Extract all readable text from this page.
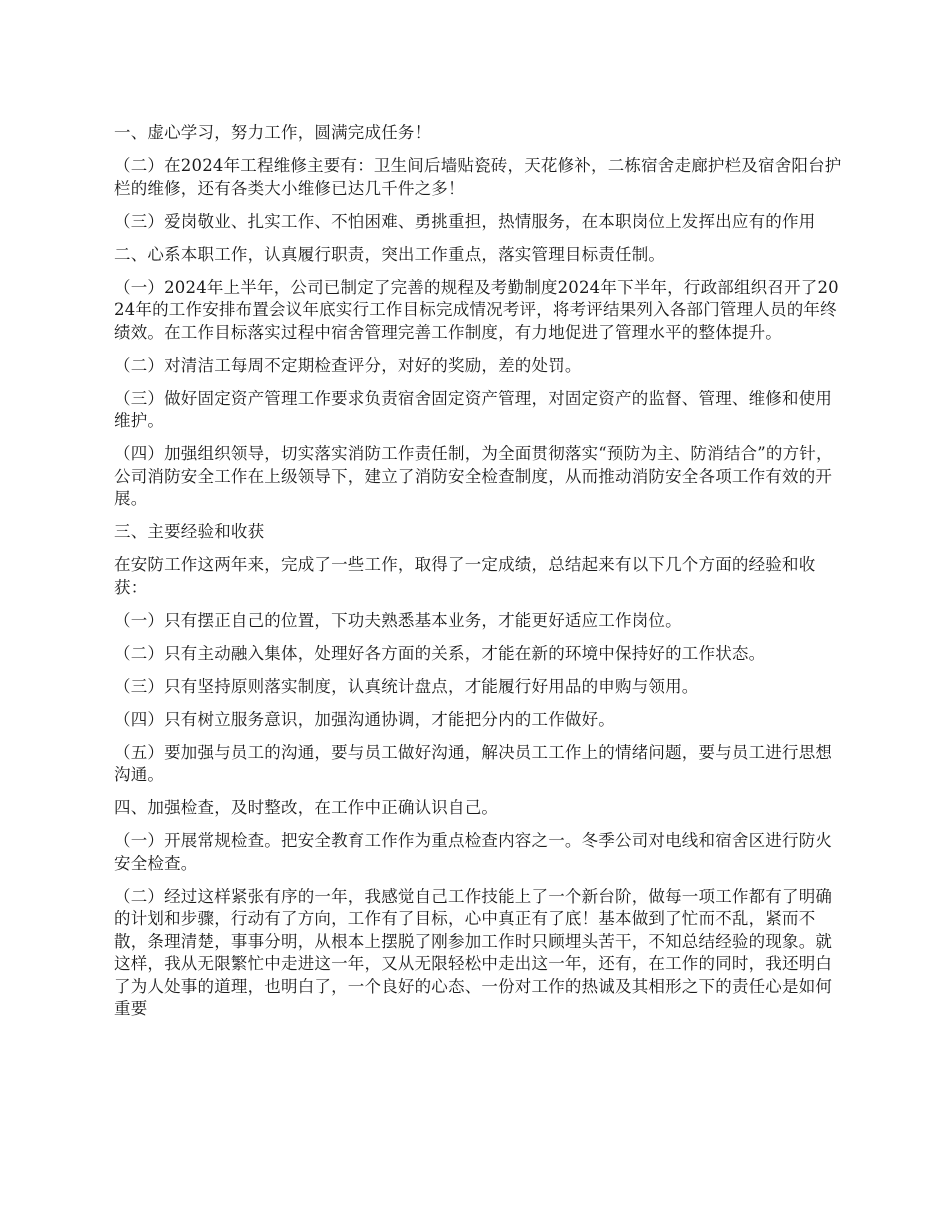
一、虚心学习，努力工作，圆满完成任务！

（二）在2024年工程维修主要有：卫生间后墙贴瓷砖，天花修补，二栋宿舍走廊护栏及宿舍阳台护栏的维修，还有各类大小维修已达几千件之多！

（三）爱岗敬业、扎实工作、不怕困难、勇挑重担，热情服务，在本职岗位上发挥出应有的作用

二、心系本职工作，认真履行职责，突出工作重点，落实管理目标责任制。

（一）2024年上半年，公司已制定了完善的规程及考勤制度2024年下半年，行政部组织召开了2024年的工作安排布置会议年底实行工作目标完成情况考评，将考评结果列入各部门管理人员的年终绩效。在工作目标落实过程中宿舍管理完善工作制度，有力地促进了管理水平的整体提升。

（二）对清洁工每周不定期检查评分，对好的奖励，差的处罚。

（三）做好固定资产管理工作要求负责宿舍固定资产管理，对固定资产的监督、管理、维修和使用维护。

（四）加强组织领导，切实落实消防工作责任制，为全面贯彻落实“预防为主、防消结合”的方针，公司消防安全工作在上级领导下，建立了消防安全检查制度，从而推动消防安全各项工作有效的开展。

三、主要经验和收获

在安防工作这两年来，完成了一些工作，取得了一定成绩，总结起来有以下几个方面的经验和收获：

（一）只有摆正自己的位置，下功夫熟悉基本业务，才能更好适应工作岗位。

（二）只有主动融入集体，处理好各方面的关系，才能在新的环境中保持好的工作状态。

（三）只有坚持原则落实制度，认真统计盘点，才能履行好用品的申购与领用。

（四）只有树立服务意识，加强沟通协调，才能把分内的工作做好。

（五）要加强与员工的沟通，要与员工做好沟通，解决员工工作上的情绪问题，要与员工进行思想沟通。

四、加强检查，及时整改，在工作中正确认识自己。

（一）开展常规检查。把安全教育工作作为重点检查内容之一。冬季公司对电线和宿舍区进行防火安全检查。

（二）经过这样紧张有序的一年，我感觉自己工作技能上了一个新台阶，做每一项工作都有了明确的计划和步骤，行动有了方向，工作有了目标，心中真正有了底！基本做到了忙而不乱，紧而不散，条理清楚，事事分明，从根本上摆脱了刚参加工作时只顾埋头苦干，不知总结经验的现象。就这样，我从无限繁忙中走进这一年，又从无限轻松中走出这一年，还有，在工作的同时，我还明白了为人处事的道理，也明白了，一个良好的心态、一份对工作的热诚及其相形之下的责任心是如何重要
